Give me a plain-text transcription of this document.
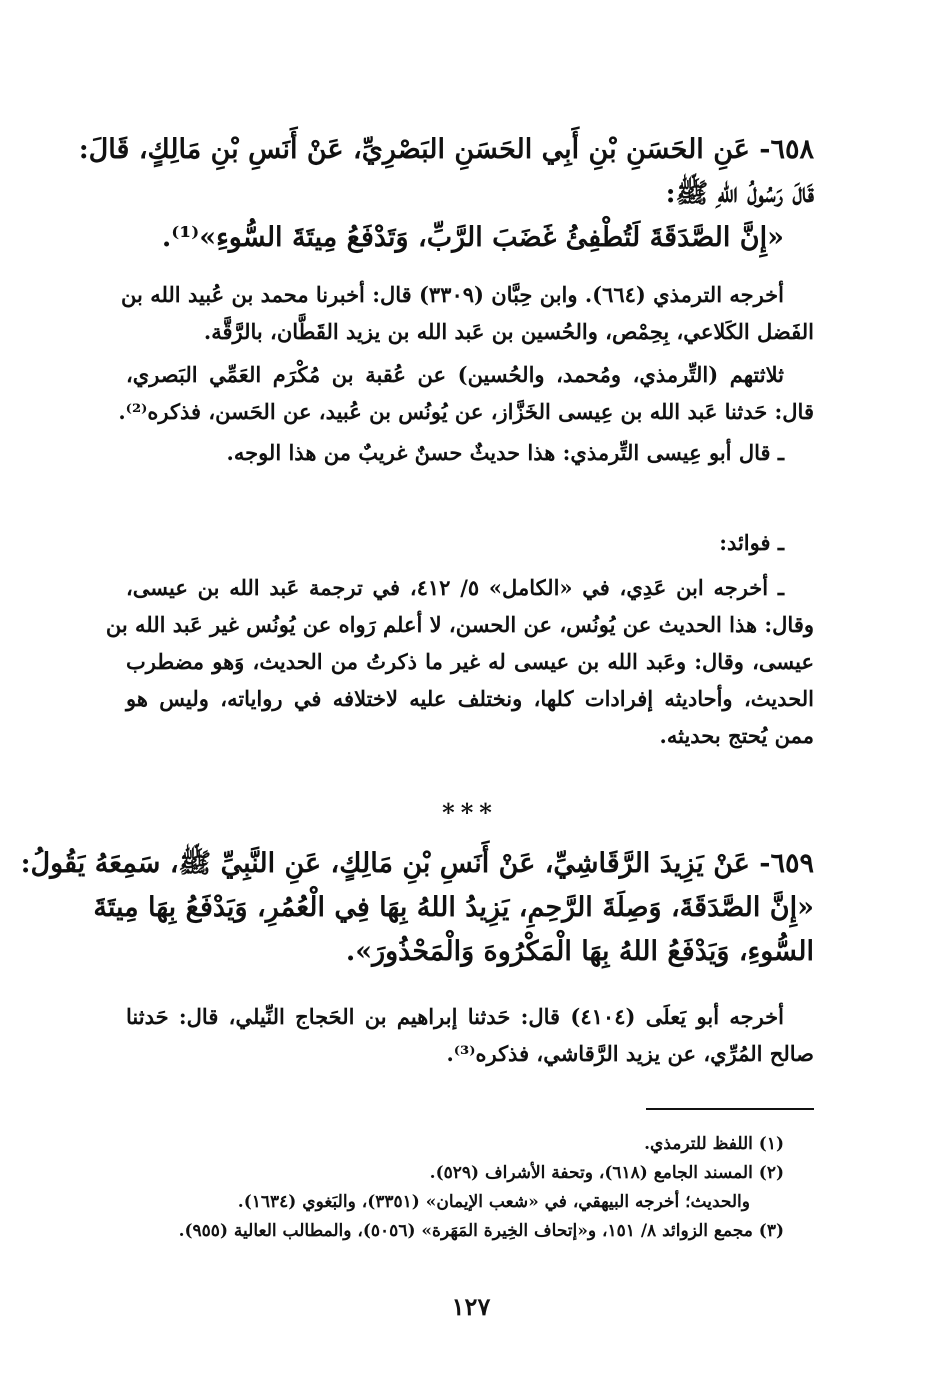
٦٥٨- عَنِ الحَسَنِ بْنِ أَبِي الحَسَنِ البَصْرِيِّ، عَنْ أَنَسِ بْنِ مَالِكٍ، قَالَ:
قَالَ رَسُولُ اللهِ ﷺ:
«إِنَّ الصَّدَقَةَ لَتُطْفِئُ غَضَبَ الرَّبِّ، وَتَدْفَعُ مِيتَةَ السُّوءِ»⁽¹⁾.
أخرجه الترمذي (٦٦٤). وابن حِبَّان (٣٣٠٩) قال: أخبرنا محمد بن عُبيد الله بن
الفَضل الكَلاعي، بِحِمْص، والحُسين بن عَبد الله بن يزيد القَطَّان، بالرَّقَّة.
ثلاثتهم (التِّرمذي، ومُحمد، والحُسين) عن عُقبة بن مُكْرَم العَمِّي البَصري،
قال: حَدثنا عَبد الله بن عِيسى الخَزَّاز، عن يُونُس بن عُبيد، عن الحَسن، فذكره⁽²⁾.
ـ قال أبو عِيسى التِّرمذي: هذا حديثٌ حسنٌ غريبٌ من هذا الوجه.
ـ فوائد:
ـ أخرجه ابن عَدِي، في «الكامل» ٥/ ٤١٢، في ترجمة عَبد الله بن عيسى،
وقال: هذا الحديث عن يُونُس، عن الحسن، لا أعلم رَواه عن يُونُس غير عَبد الله بن
عيسى، وقال: وعَبد الله بن عيسى له غير ما ذكرتُ من الحديث، وَهو مضطرب
الحديث، وأحاديثه إفرادات كلها، ونختلف عليه لاختلافه في رواياته، وليس هو
ممن يُحتج بحديثه.
***
٦٥٩- عَنْ يَزِيدَ الرَّقَاشِيِّ، عَنْ أَنَسِ بْنِ مَالِكٍ، عَنِ النَّبِيِّ ﷺ، سَمِعَهُ يَقُولُ:
«إِنَّ الصَّدَقَةَ، وَصِلَةَ الرَّحِمِ، يَزِيدُ اللهُ بِهَا فِي الْعُمُرِ، وَيَدْفَعُ بِهَا مِيتَةَ
السُّوءِ، وَيَدْفَعُ اللهُ بِهَا الْمَكْرُوهَ وَالْمَحْذُورَ».
أخرجه أبو يَعلَى (٤١٠٤) قال: حَدثنا إبراهيم بن الحَجاج النِّيلي، قال: حَدثنا
صالح المُرِّي، عن يزيد الرَّقاشي، فذكره⁽³⁾.
(١) اللفظ للترمذي.
(٢) المسند الجامع (٦١٨)، وتحفة الأشراف (٥٢٩).
والحديث؛ أخرجه البيهقي، في «شعب الإيمان» (٣٣٥١)، والبَغوي (١٦٣٤).
(٣) مجمع الزوائد ٨/ ١٥١، و«إتحاف الخِيرة المَهَرة» (٥٠٥٦)، والمطالب العالية (٩٥٥).
١٢٧
